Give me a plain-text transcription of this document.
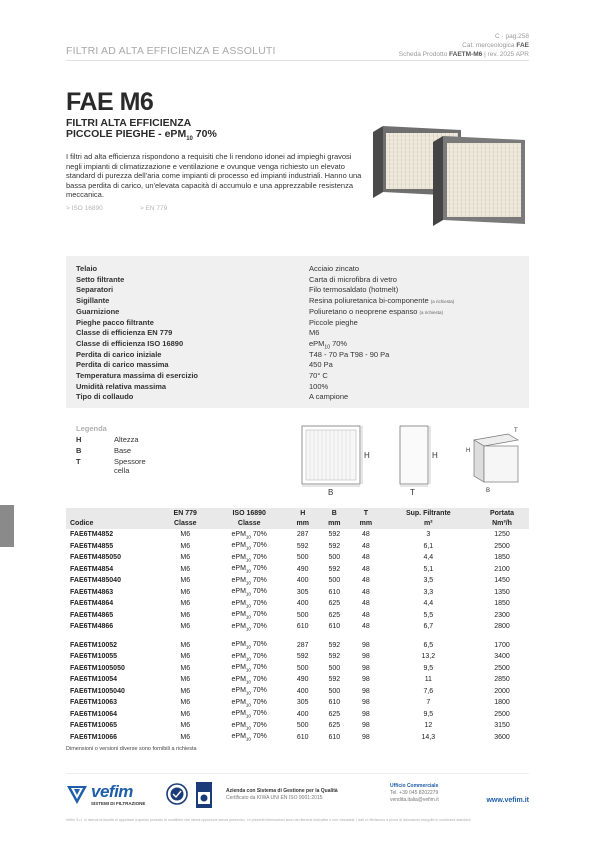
FILTRI AD ALTA EFFICIENZA E ASSOLUTI
C · pag.258
Cat. merceologica FAE
Scheda Prodotto FAETM-M6 | rev. 2025 APR
FAE M6
FILTRI ALTA EFFICIENZA
PICCOLE PIEGHE - ePM$_{10}$ 70%
I filtri ad alta efficienza rispondono a requisiti che li rendono idonei ad impieghi gravosi negli impianti di climatizzazione e ventilazione e ovunque venga richiesto un elevato standard di purezza dell'aria come impianti di processo ed impianti industriali. Hanno una bassa perdita di carico, un'elevata capacità di accumulo e una apprezzabile resistenza meccanica.
> ISO 16890	> EN 779
Telaio	Acciaio zincato
Setto filtrante	Carta di microfibra di vetro
Separatori	Filo termosaldato (hotmelt)
Sigillante	Resina poliuretanica bi-componente (a richiesta)
Guarnizione	Poliuretano o neoprene espanso (a richiesta)
Pieghe pacco filtrante	Piccole pieghe
Classe di efficienza EN 779	M6
Classe di efficienza ISO 16890	ePM$_{10}$ 70%
Perdita di carico iniziale	T48 - 70 Pa T98 - 90 Pa
Perdita di carico massima	450 Pa
Temperatura massima di esercizio	70° C
Umidità relativa massima	100%
Tipo di collaudo	A campione
Legenda
H	Altezza
B	Base
T	Spessore cella
H
B
H
T
H
B
T
	EN 779	ISO 16890	H	B	T	Sup. Filtrante	Portata
Codice	Classe	Classe	mm	mm	mm	m²	Nm³/h
FAE6TM4852	M6	ePM$_{10}$ 70%	287	592	48	3	1250
FAE6TM4855	M6	ePM$_{10}$ 70%	592	592	48	6,1	2500
FAE6TM485050	M6	ePM$_{10}$ 70%	500	500	48	4,4	1850
FAE6TM4854	M6	ePM$_{10}$ 70%	490	592	48	5,1	2100
FAE6TM485040	M6	ePM$_{10}$ 70%	400	500	48	3,5	1450
FAE6TM4863	M6	ePM$_{10}$ 70%	305	610	48	3,3	1350
FAE6TM4864	M6	ePM$_{10}$ 70%	400	625	48	4,4	1850
FAE6TM4865	M6	ePM$_{10}$ 70%	500	625	48	5,5	2300
FAE6TM4866	M6	ePM$_{10}$ 70%	610	610	48	6,7	2800

FAE6TM10052	M6	ePM$_{10}$ 70%	287	592	98	6,5	1700
FAE6TM10055	M6	ePM$_{10}$ 70%	592	592	98	13,2	3400
FAE6TM1005050	M6	ePM$_{10}$ 70%	500	500	98	9,5	2500
FAE6TM10054	M6	ePM$_{10}$ 70%	490	592	98	11	2850
FAE6TM1005040	M6	ePM$_{10}$ 70%	400	500	98	7,6	2000
FAE6TM10063	M6	ePM$_{10}$ 70%	305	610	98	7	1800
FAE6TM10064	M6	ePM$_{10}$ 70%	400	625	98	9,5	2500
FAE6TM10065	M6	ePM$_{10}$ 70%	500	625	98	12	3150
FAE6TM10066	M6	ePM$_{10}$ 70%	610	610	98	14,3	3600
Dimensioni o versioni diverse sono fornibili a richiesta
vefim
SISTEMI DI FILTRAZIONE
Azienda con Sistema di Gestione per la Qualità
Certificato da KIWA UNI EN ISO 9001:2015
Ufficio Commerciale
Tel. +39 045 8202279
vendita.italia@vefim.it	www.vefim.it
Vefim S.r.l. si riserva la facoltà di apportare a questo prodotto le modifiche che riterrà opportune senza preavviso. Le presenti informazioni sono da ritenersi indicative e non vincolanti. I dati si riferiscono a prove di laboratorio eseguite in condizioni standard.
